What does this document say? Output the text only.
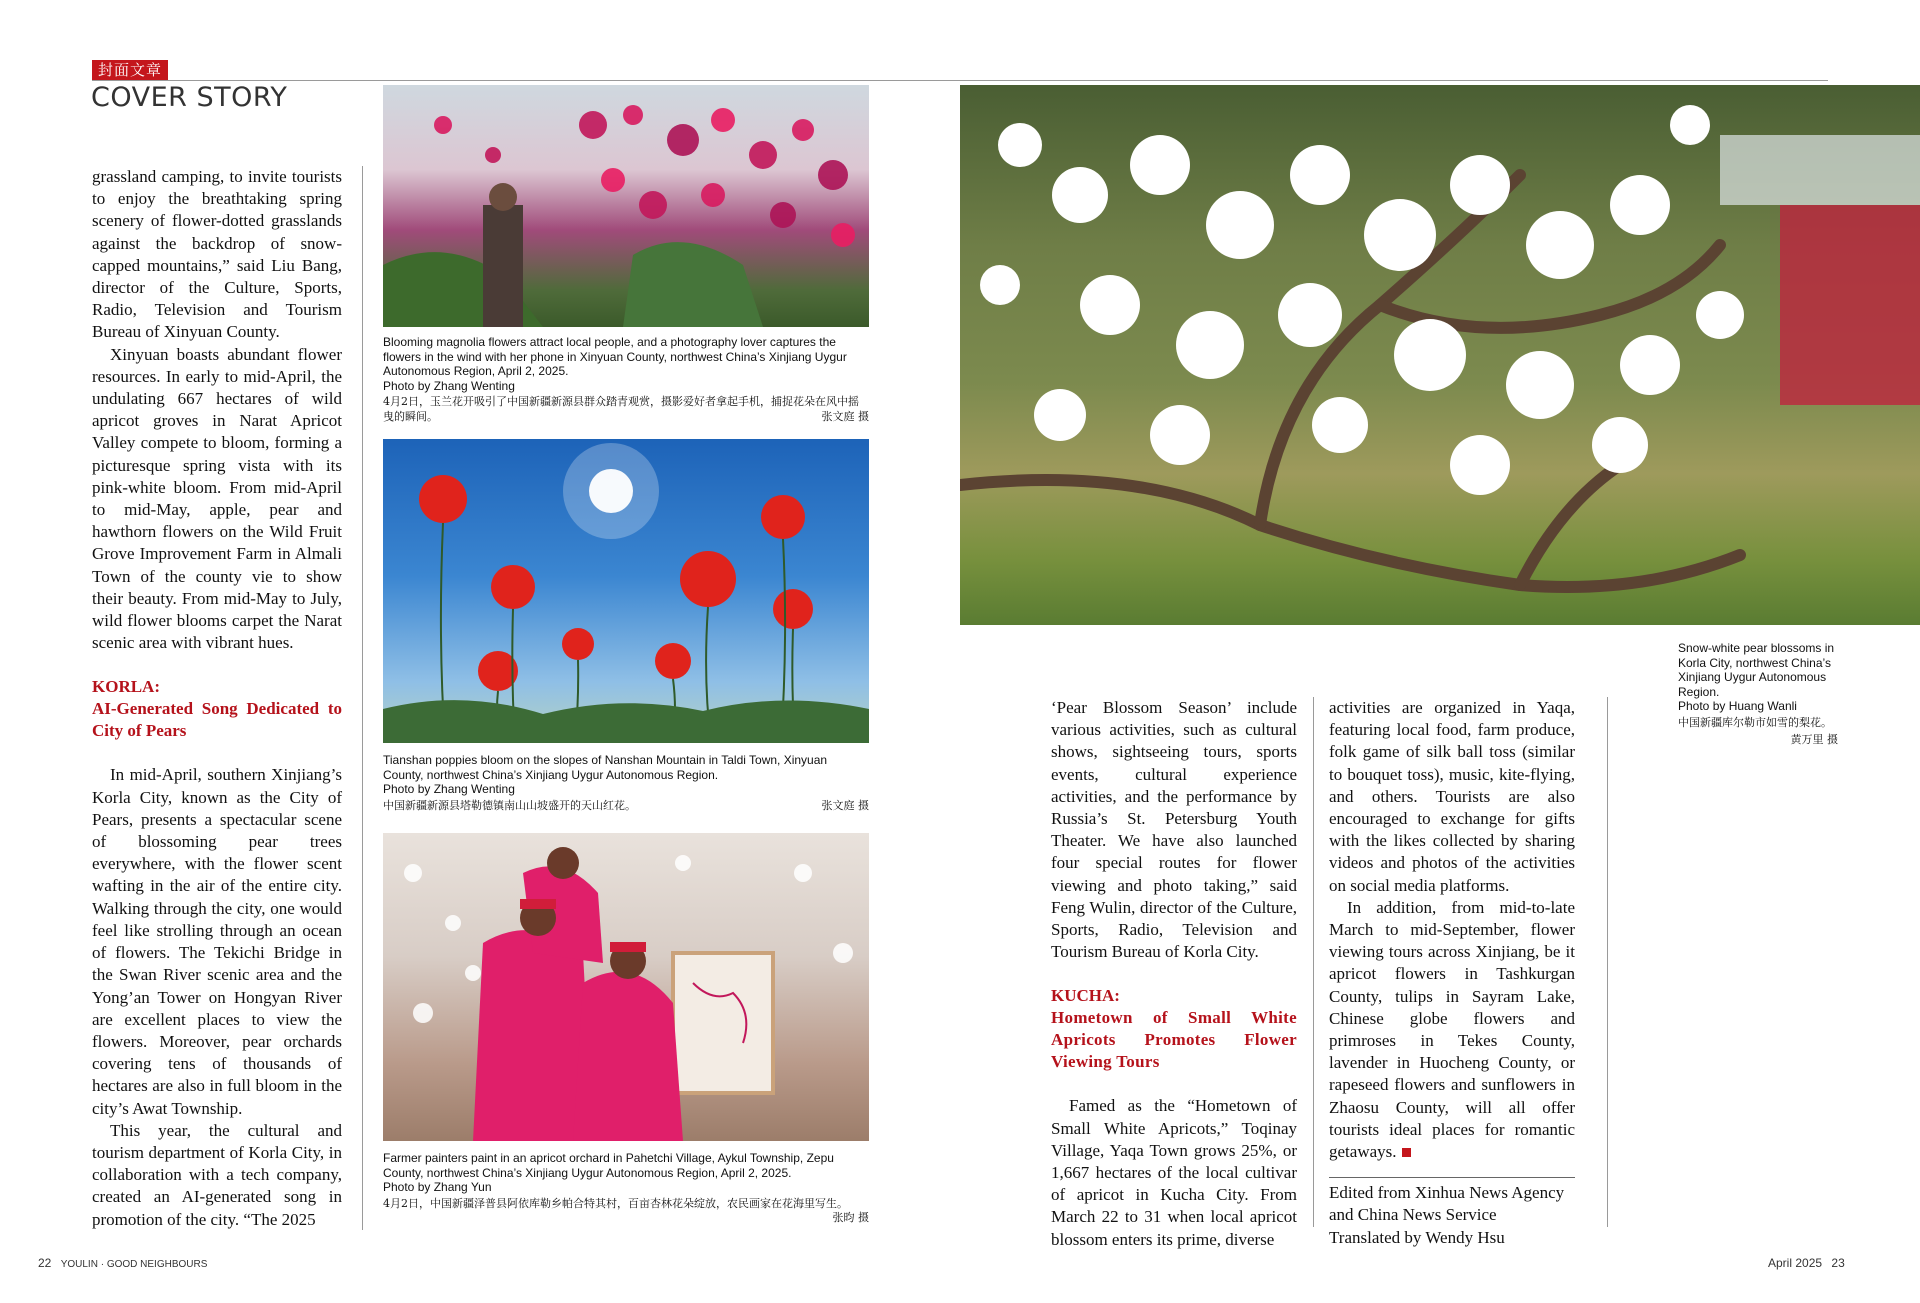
封面文章
COVER STORY

grassland camping, to invite tourists to enjoy the breathtaking spring scenery of flower-dotted grasslands against the backdrop of snow-capped mountains,” said Liu Bang, director of the Culture, Sports, Radio, Television and Tourism Bureau of Xinyuan County.

Xinyuan boasts abundant flower resources. In early to mid-April, the undulating 667 hectares of wild apricot groves in Narat Apricot Valley compete to bloom, forming a picturesque spring vista with its pink-white bloom. From mid-April to mid-May, apple, pear and hawthorn flowers on the Wild Fruit Grove Improvement Farm in Almali Town of the county vie to show their beauty. From mid-May to July, wild flower blooms carpet the Narat scenic area with vibrant hues.

KORLA:

AI-Generated Song Dedicated to City of Pears

In mid-April, southern Xinjiang’s Korla City, known as the City of Pears, presents a spectacular scene of blossoming pear trees everywhere, with the flower scent wafting in the air of the entire city. Walking through the city, one would feel like strolling through an ocean of flowers. The Tekichi Bridge in the Swan River scenic area and the Yong’an Tower on Hongyan River are excellent places to view the flowers. Moreover, pear orchards covering tens of thousands of hectares are also in full bloom in the city’s Awat Township.

This year, the cultural and tourism department of Korla City, in collaboration with a tech company, created an AI-generated song in promotion of the city. “The 2025

Blooming magnolia flowers attract local people, and a photography lover captures the flowers in the wind with her phone in Xinyuan County, northwest China’s Xinjiang Uygur Autonomous Region, April 2, 2025.
Photo by Zhang Wenting
4月2日，玉兰花开吸引了中国新疆新源县群众踏青观赏，摄影爱好者拿起手机，捕捉花朵在风中摇曳的瞬间。	张文庭 摄
Tianshan poppies bloom on the slopes of Nanshan Mountain in Taldi Town, Xinyuan County, northwest China’s Xinjiang Uygur Autonomous Region.
Photo by Zhang Wenting
中国新疆新源县塔勒德镇南山山坡盛开的天山红花。	张文庭 摄
Farmer painters paint in an apricot orchard in Pahetchi Village, Aykul Township, Zepu County, northwest China’s Xinjiang Uygur Autonomous Region, April 2, 2025.
Photo by Zhang Yun
4月2日，中国新疆泽普县阿依库勒乡帕合特其村，百亩杏林花朵绽放，农民画家在花海里写生。
张昀 摄
Snow-white pear blossoms in Korla City, northwest China’s Xinjiang Uygur Autonomous Region.
Photo by Huang Wanli
中国新疆库尔勒市如雪的梨花。
黄万里 摄

‘Pear Blossom Season’ include various activities, such as cultural shows, sightseeing tours, sports events, cultural experience activities, and the performance by Russia’s St. Petersburg Youth Theater. We have also launched four special routes for flower viewing and photo taking,” said Feng Wulin, director of the Culture, Sports, Radio, Television and Tourism Bureau of Korla City.

KUCHA:

Hometown of Small White Apricots Promotes Flower Viewing Tours

Famed as the “Hometown of Small White Apricots,” Toqinay Village, Yaqa Town grows 25%, or 1,667 hectares of the local cultivar of apricot in Kucha City. From March 22 to 31 when local apricot blossom enters its prime, diverse

activities are organized in Yaqa, featuring local food, farm produce, folk game of silk ball toss (similar to bouquet toss), music, kite-flying, and others. Tourists are also encouraged to exchange for gifts with the likes collected by sharing videos and photos of the activities on social media platforms.

In addition, from mid-to-late March to mid-September, flower viewing tours across Xinjiang, be it apricot flowers in Tashkurgan County, tulips in Sayram Lake, Chinese globe flowers and primroses in Tekes County, lavender in Huocheng County, or rapeseed flowers and sunflowers in Zhaosu County, will all offer tourists ideal places for romantic getaways.

Edited from Xinhua News Agency

and China News Service

Translated by Wendy Hsu

22 YOULIN · GOOD NEIGHBOURS	April 2025 23
